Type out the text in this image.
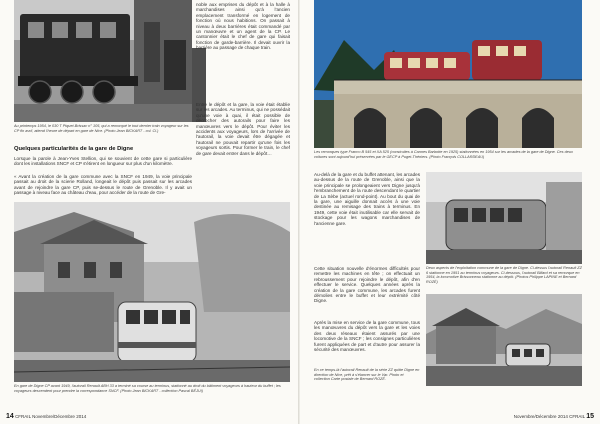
Au printemps 1954, le 030 T Piquet-Brissac n° 105, qui a remorqué le tout dernier train voyageur sur les CP fin avril, attend l'heure de départ en gare de Nice. (Photo Jean BICKART - col. Cl.)
Quelques particularités de la gare de Digne
Lorsque la parole à Jean-Yves Stellion, qui se souvient de cette gare si particulière dont les installations SNCF et CP s'étirent en longueur sur plus d'un kilomètre.
« Avant la création de la gare commune avec la SNCF en 1949, la voie principale passait au droit de la scierie Rolland, longeait le dépôt puis passait sur les arcades avant de rejoindre la gare CP, puis se-dessus le route de Grenoble. Il y avait un passage à niveau face au château d'eau, pour accéder de la route de Gre-
noble aux emprises du dépôt et à la halle à marchandises ainsi qu'à l'ancien emplacement transformé en logement de fonction où nous habitions. On passait à niveau à deux barrières était commandé par un manœuvre et un agent de la CP. Le cantonnier était le chef de gare qui faisait fonction de garde-barrière. Il devait ouvrir la barrière au passage de chaque train.
Entre le dépôt et la gare, la voie était établie sur les arcades. Au terminus, qui ne possédait qu'une voie à quai, il était possible de décrocher des autorails pour faire les manœuvres vers le dépôt. Pour éviter les accidents aux voyageurs, lors de l'arrivée de l'autorail, la voie devait être dégagée et l'autorail ne pouvait repartir qu'une fois les voyageurs sortis. Pour former le train, le chef de gare devait entrer dans le dépôt…
En gare de Digne CP avant 1949, l'autorail Renault ABH 33 a terminé sa course au terminus, stationné au droit du bâtiment voyageurs à hauteur du buffet ; les voyageurs descendent pour prendre la correspondance SNCF. (Photo Jean BICKART - collection Pascal BÉJUI)
14 CFRAIL Novembre/Décembre 2014
Les remorques type Franco B 545 et XA 525 (construites à Cannes Barbotte en 1925) stationnées en 1954 sur les arcades de la gare de Digne. Ces deux voitures sont aujourd'hui préservées par le GECP à Puget-Théniers. (Photo François COLLARDEAU)
Au-delà de la gare et du buffet attenant, les arcades au-dessus de la route de Grenoble, ainsi que la voie principale se prolongeaient vers Digne jusqu'à l'embranchement de la route descendant le quartier de La Sèbe (actuel rond-point). Au bout du quai de la gare, une aiguille donnait accès à une voie destinée au remisage des trains à terminus. En 1949, cette voie était inutilisable car elle servait de stockage pour les wagons marchandises de l'ancienne gare.
Cette situation nouvelle d'énormes difficultés pour remettre les machines en tête ; on effectuait un rebroussement pour rejoindre le dépôt, afin d'en effectuer le service. Quelques années après la création de la gare commune, les arcades furent démolies entre le buffet et leur extrémité côté Digne.
Deux aspects de l'exploitation commune de la gare de Digne. Ci-dessus l'autorail Renault ZZ 6 stationne en 1951 au terminus voyageurs. Ci-dessous, l'autorail Billard et sa remorque en 1954, la locomotive Brissonneau stationne au dépôt. (Photos Philippe LAPINE et Bernard ROZÉ)
Après la mise en service de la gare commune, tous les manœuvres du dépôt vers la gare et les voies des deux réseaux étaient assurés par une locomotive de la SNCF ; les consignes particulières furent appliquées de part et d'autre pour assurer la sécurité des manœuvres.
En ce temps-là l'autorail Renault de la série ZZ quitte Digne en direction de Nice, prêt à s'élancer sur le Var. Photo et collection Carte postale de Bernard ROZÉ.
Novembre/Décembre 2014 CFRAIL 15
